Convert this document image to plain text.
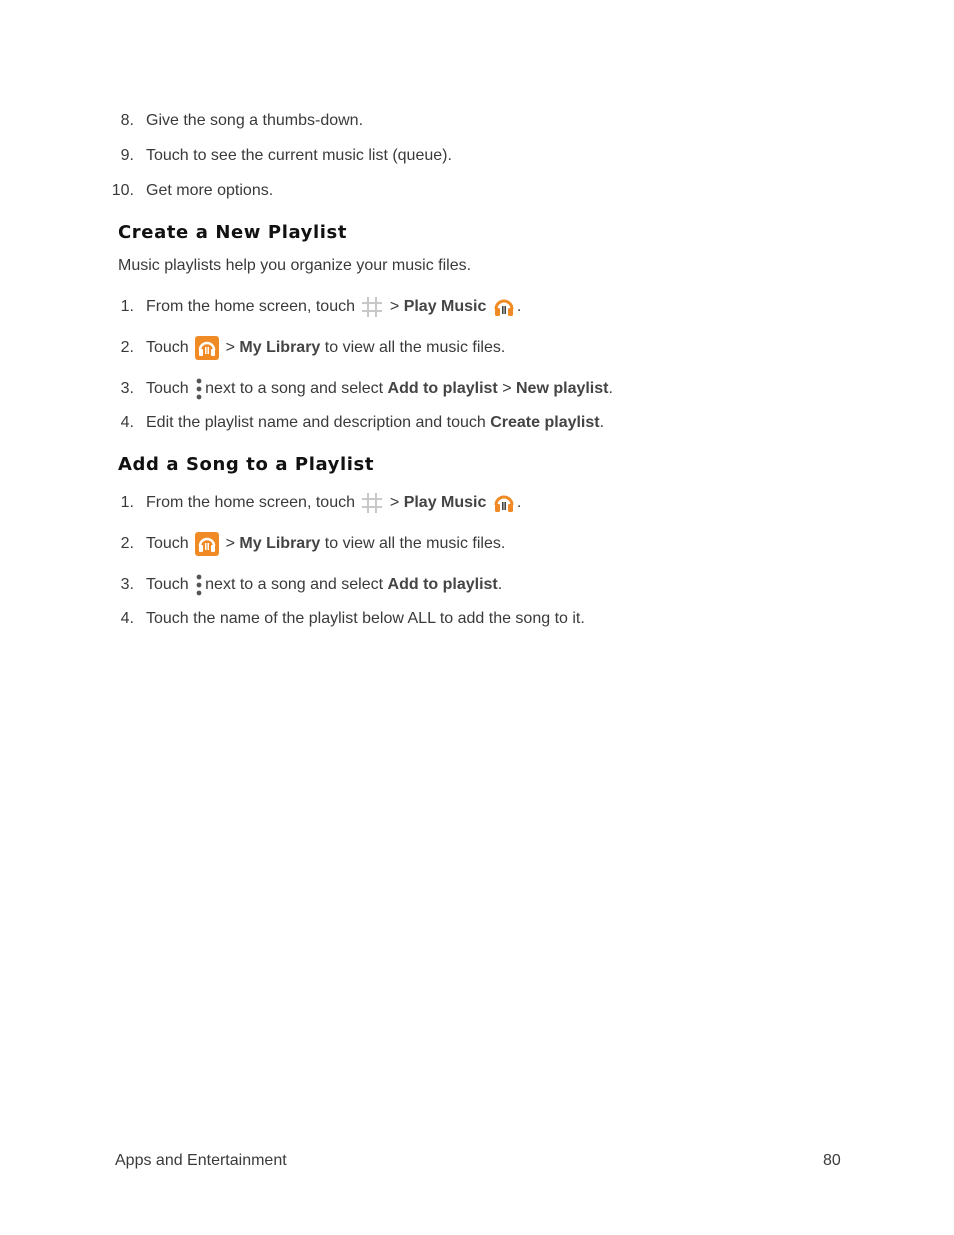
8. Give the song a thumbs-down.
9. Touch to see the current music list (queue).
10. Get more options.
Create a New Playlist
Music playlists help you organize your music files.
1. From the home screen, touch > Play Music .
2. Touch > My Library to view all the music files.
3. Touch next to a song and select Add to playlist > New playlist.
4. Edit the playlist name and description and touch Create playlist.
Add a Song to a Playlist
1. From the home screen, touch > Play Music .
2. Touch > My Library to view all the music files.
3. Touch next to a song and select Add to playlist.
4. Touch the name of the playlist below ALL to add the song to it.
Apps and Entertainment	80
